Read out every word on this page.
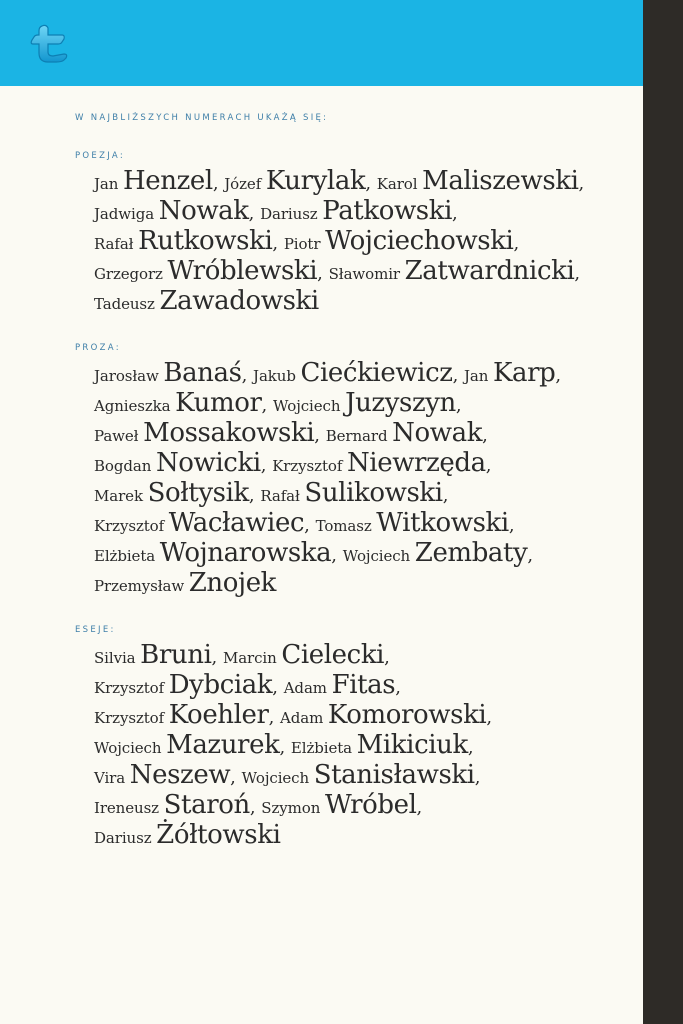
W NAJBLIŻSZYCH NUMERACH UKAŻĄ SIĘ:

POEZJA:

Jan Henzel, Józef Kurylak, Karol Maliszewski,
Jadwiga Nowak, Dariusz Patkowski,
Rafał Rutkowski, Piotr Wojciechowski,
Grzegorz Wróblewski, Sławomir Zatwardnicki,
Tadeusz Zawadowski

PROZA:

Jarosław Banaś, Jakub Ciećkiewicz, Jan Karp,
Agnieszka Kumor, Wojciech Juzyszyn,
Paweł Mossakowski, Bernard Nowak,
Bogdan Nowicki, Krzysztof Niewrzęda,
Marek Sołtysik, Rafał Sulikowski,
Krzysztof Wacławiec, Tomasz Witkowski,
Elżbieta Wojnarowska, Wojciech Zembaty,
Przemysław Znojek

ESEJE:

Silvia Bruni, Marcin Cielecki,
Krzysztof Dybciak, Adam Fitas,
Krzysztof Koehler, Adam Komorowski,
Wojciech Mazurek, Elżbieta Mikiciuk,
Vira Neszew, Wojciech Stanisławski,
Ireneusz Staroń, Szymon Wróbel,
Dariusz Żółtowski
